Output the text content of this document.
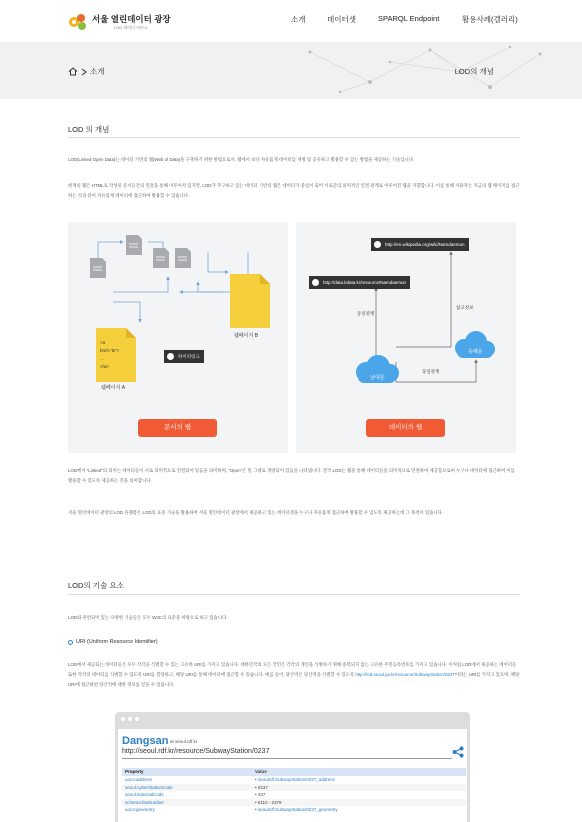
서울 열린데이터 광장
LOD 데이터 서비스
소개	데이터셋	SPARQL Endpoint	활용사례(갤러리)
소개	LOD의 개념
LOD 의 개념

LOD(Linked Open Data)는 데이터 기반의 웹(Web of Data)을 구축하기 위한 방법으로서, 웹에서 보다 자유롭게 데이터를 개방 및 공유하고 활용할 수 있는 방법을 제공하는 기술입니다.

현재의 웹은 HTML로 작성된 문서들간의 연결을 통해 이루어져 있지만, LOD가 추구하고 있는 데이터 기반의 웹은 데이터가 중심이 되어 서로간의 의미적인 연결 관계로 이루어진 웹을 지향합니다. 이를 통해 사용자는 지금의 웹 페이지를 접근하는 것과 같이 자유롭게 데이터에 접근하여 활용할 수 있습니다.

<a
href="B">
...
</a>
웹페이지 A
웹페이지 B
하이퍼링크
문서의 웹
http://en.wikipedia.org/wiki/Namdaemun
http://data.kdata.kr/resource/Namdaemun
동일관계
참고정보
동일관계
남대문
숭례문
데이터의 웹

LOD에서 "Linked"의 의미는 데이터들이 서로 의미적으로 연결되어 있음을 의미하며, "Open"은 말 그대로 개방되어 있음을 나타냅니다. 결국 LOD는 웹을 통해 데이터들을 의미적으로 연결하여 제공함으로써 누구나 데이터에 접근하여 이를 활용할 수 있도록 제공하는 것을 의미합니다.

서울 열린데이터 광장의 LOD 플랫폼은 LOD의 표준 기술을 활용하여 서울 열린데이터 광장에서 제공하고 있는 데이터셋을 누구나 자유롭게 접근하여 활용할 수 있도록 제공하는데 그 목적이 있습니다.

LOD의 기술 요소

LOD와 관련되어 있는 다양한 기술들은 모두 W3C의 표준을 바탕으로 하고 있습니다.

URI (Uniform Resource Identifier)

LOD에서 제공되는 데이터들은 모두 각각을 식별할 수 있는 고유한 URI를 가지고 있습니다. 대한민국의 모든 국민은 각각의 개인을 식별하기 위해 중복되지 않는 고유한 주민등록번호를 가지고 있습니다. 이처럼 LOD에서 제공하는 데이터들 또한 각각의 데이터를 식별할 수 있도록 URI를 할당하고, 해당 URI를 통해 데이터에 접근할 수 있습니다. 예를 들어, 당산역은 당산역을 식별할 수 있도록 http://lod.seoul.go.kr/resource/SubwayStation/0237이라는 URI를 가지고 있으며, 해당 URI에 접근하면 당산역에 대한 정보를 얻을 수 있습니다.

Dangsan at seoul.rdf.kr
http://seoul.rdf.kr/resource/SubwayStation/0237
Property	Value
uoco:address	• seoulrdf:SubwayStation/0237_address
seoul:cyberStationCode	• 0237
seoul:externalCode	• 237
schema:faxNumber	• 6110 - 2379
uoco:geometry	• seoulrdf:SubwayStation/0237_geometry
